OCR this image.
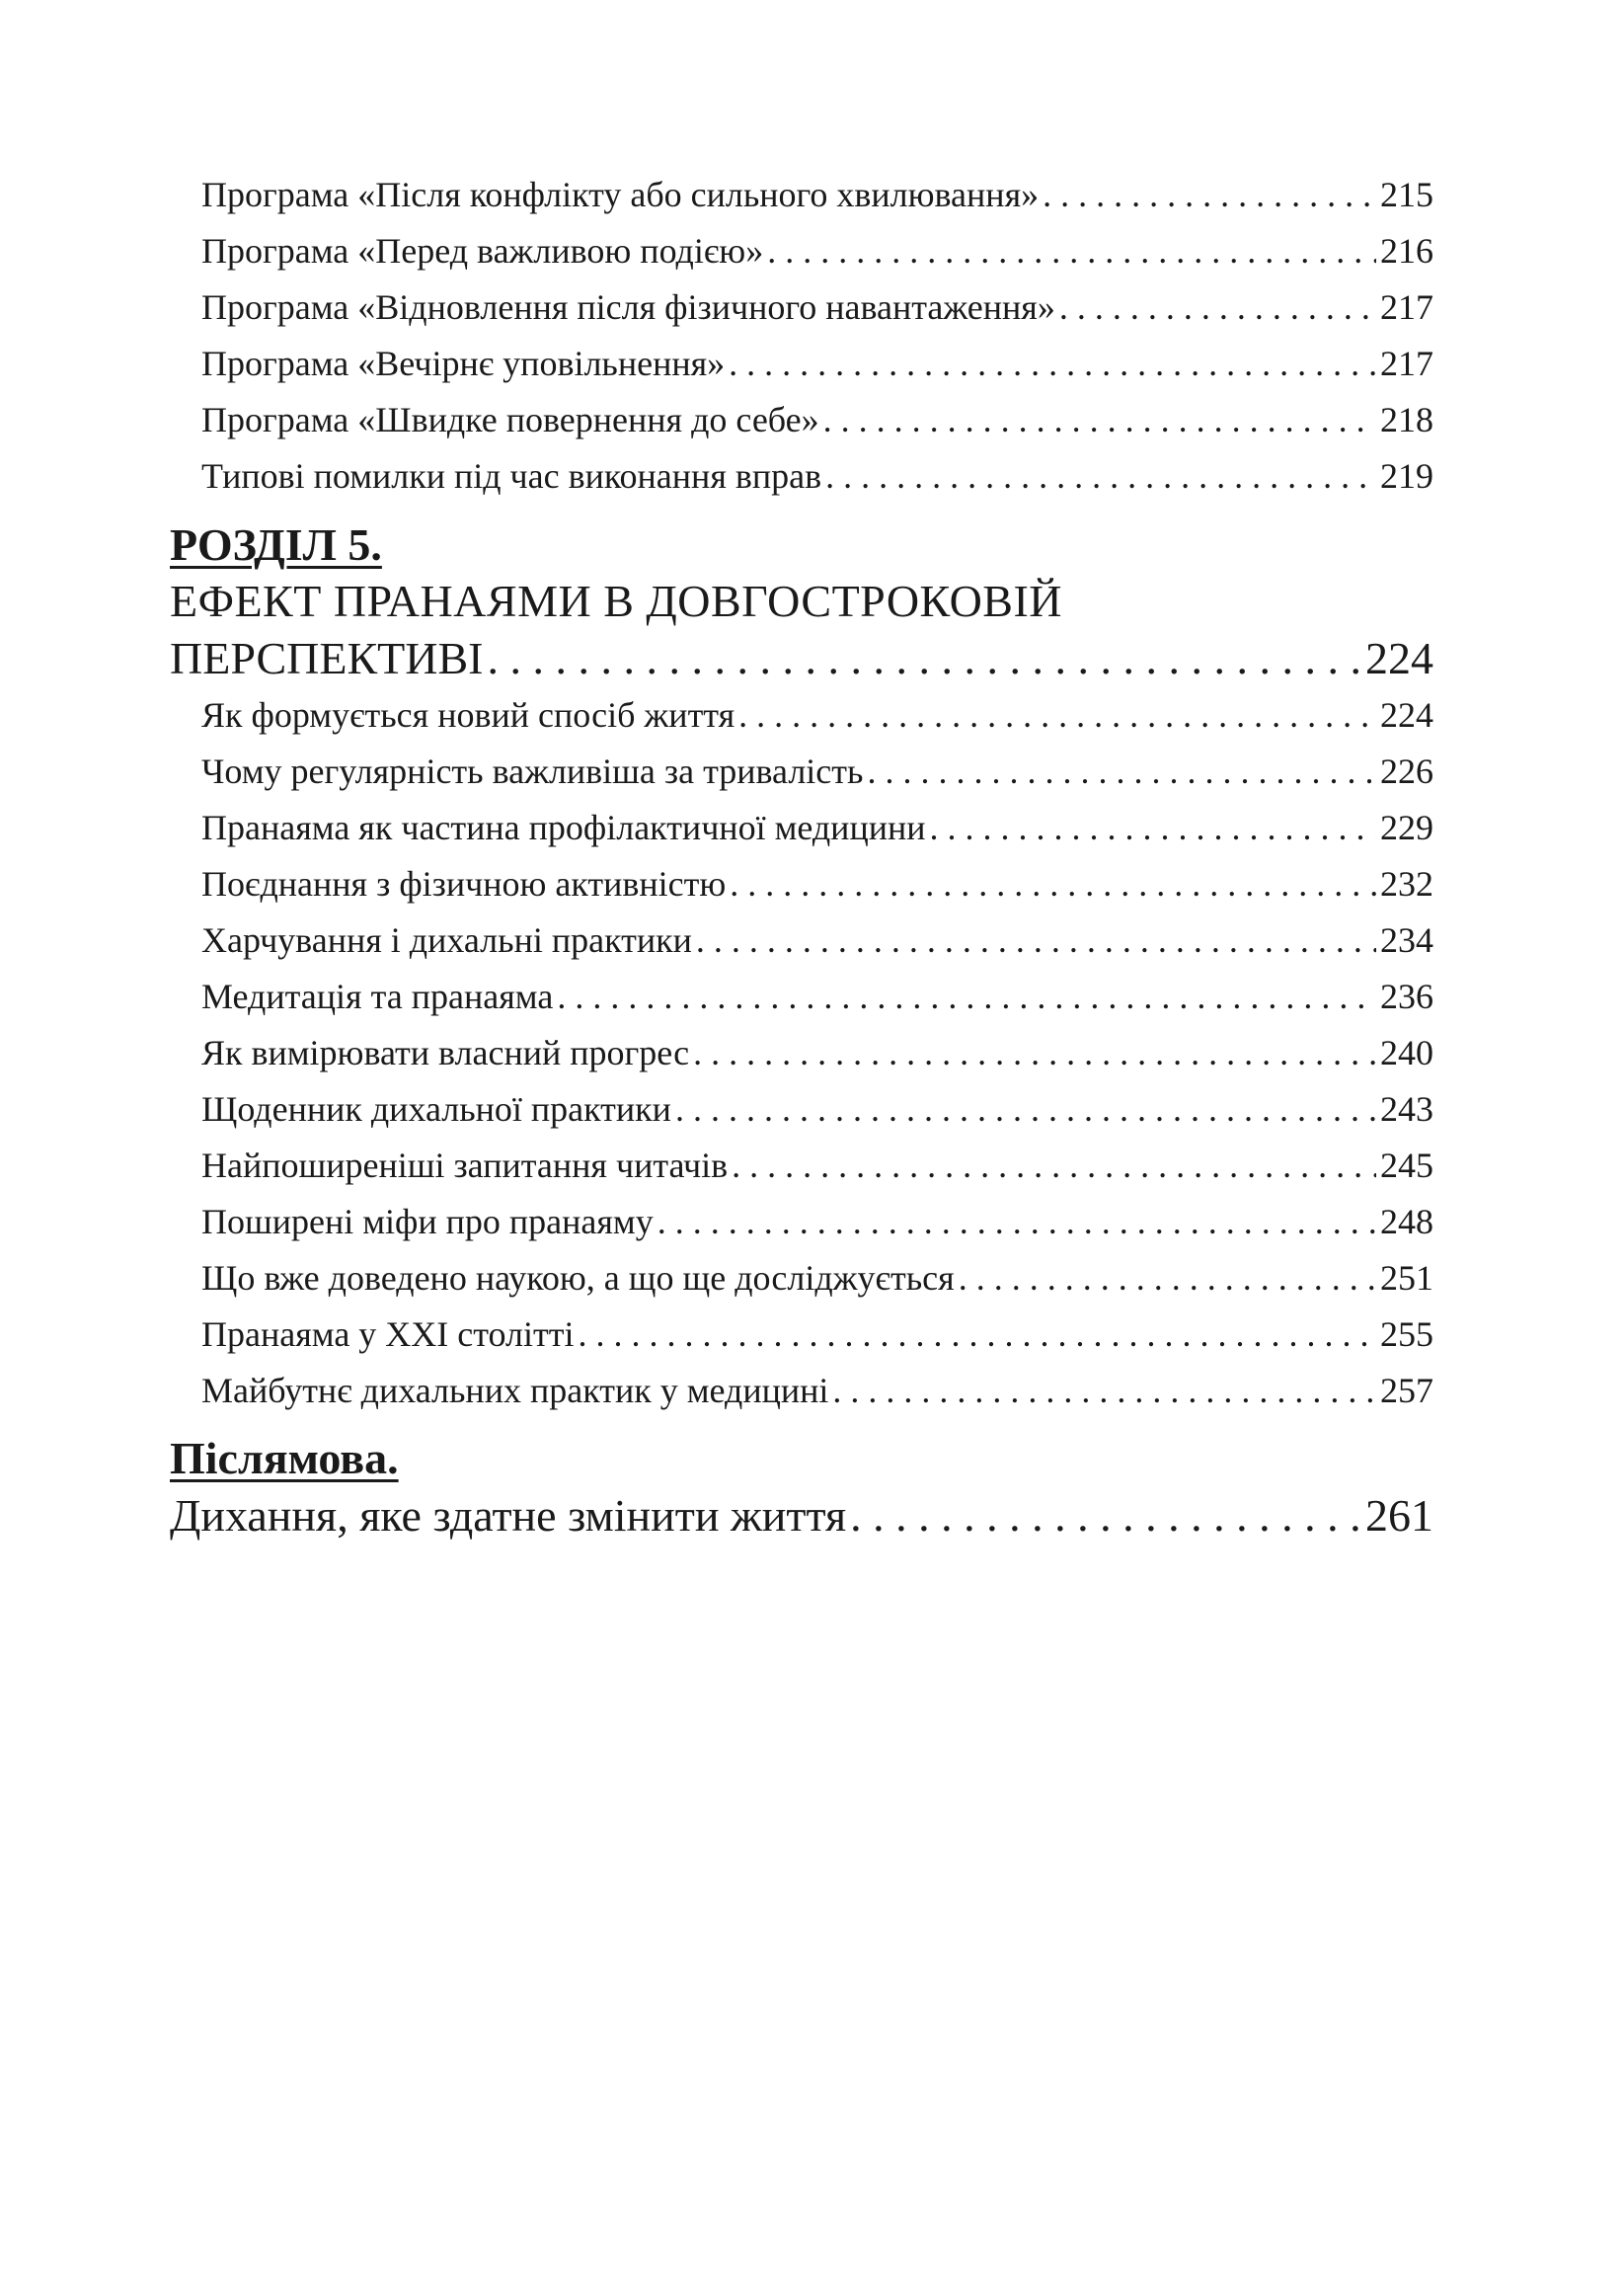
Програма «Після конфлікту або сильного хвилювання» . . .	215
Програма «Перед важливою подією» . . .	216
Програма «Відновлення після фізичного навантаження» . . .	217
Програма «Вечірнє уповільнення» . . .	217
Програма «Швидке повернення до себе» . . .	218
Типові помилки під час виконання вправ . . .	219
РОЗДІЛ 5.
ЕФЕКТ ПРАНАЯМИ В ДОВГОСТРОКОВІЙ
ПЕРСПЕКТИВІ . . .	224
Як формується новий спосіб життя . . .	224
Чому регулярність важливіша за тривалість . . .	226
Пранаяма як частина профілактичної медицини . . .	229
Поєднання з фізичною активністю . . .	232
Харчування і дихальні практики . . .	234
Медитація та пранаяма . . .	236
Як вимірювати власний прогрес . . .	240
Щоденник дихальної практики . . .	243
Найпоширеніші запитання читачів . . .	245
Поширені міфи про пранаяму . . .	248
Що вже доведено наукою, а що ще досліджується . . .	251
Пранаяма у XXI столітті . . .	255
Майбутнє дихальних практик у медицині . . .	257
Післямова.
Дихання, яке здатне змінити життя . . .	261
